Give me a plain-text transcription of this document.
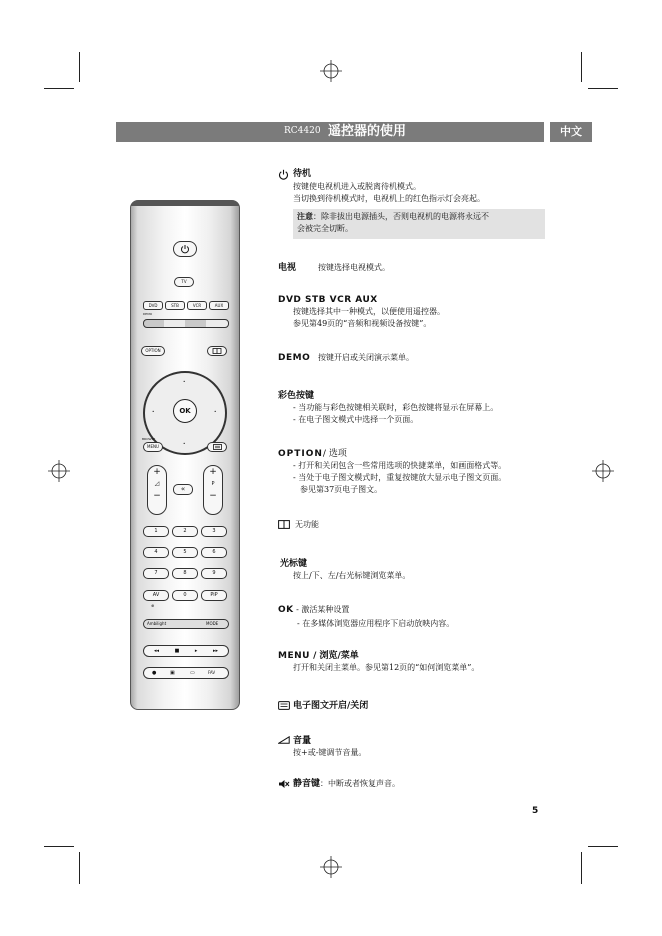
RC4420 遥控器的使用	中文
TV
DVD	STB	VCR	AUX
DEMO
OPTION
OK
•
•
•	•
BROWSE
MENU
+
◿
−
«
+
P
−
1	2	3
4	5	6
7	8	9
AV	0	PiP
⊕
Ambilight	MODE
◂◂ ■ ▸ ▸▸
●	▣	▭	FAV
待机
按键使电视机进入或脱离待机模式。
当切换到待机模式时，电视机上的红色指示灯会亮起。
注意：除非拔出电源插头，否则电视机的电源将永远不
会被完全切断。
电视	按键选择电视模式。
DVD STB VCR AUX
按键选择其中一种模式，以便使用遥控器。
参见第49页的“音频和视频设备按键”。
DEMO 按键开启或关闭演示菜单。
彩色按键
- 当功能与彩色按键相关联时，彩色按键将显示在屏幕上。
- 在电子图文模式中选择一个页面。
OPTION/ 选项
- 打开和关闭包含一些常用选项的快捷菜单，如画面格式等。
- 当处于电子图文模式时，重复按键放大显示电子图文页面。
参见第37页电子图文。
无功能
光标键
按上/下、左/右光标键浏览菜单。
OK - 激活某种设置
- 在多媒体浏览器应用程序下启动放映内容。
MENU / 浏览/菜单
打开和关闭主菜单。参见第12页的“如何浏览菜单”。
电子图文开启/关闭
音量
按+或-键调节音量。
静音键：中断或者恢复声音。
5
